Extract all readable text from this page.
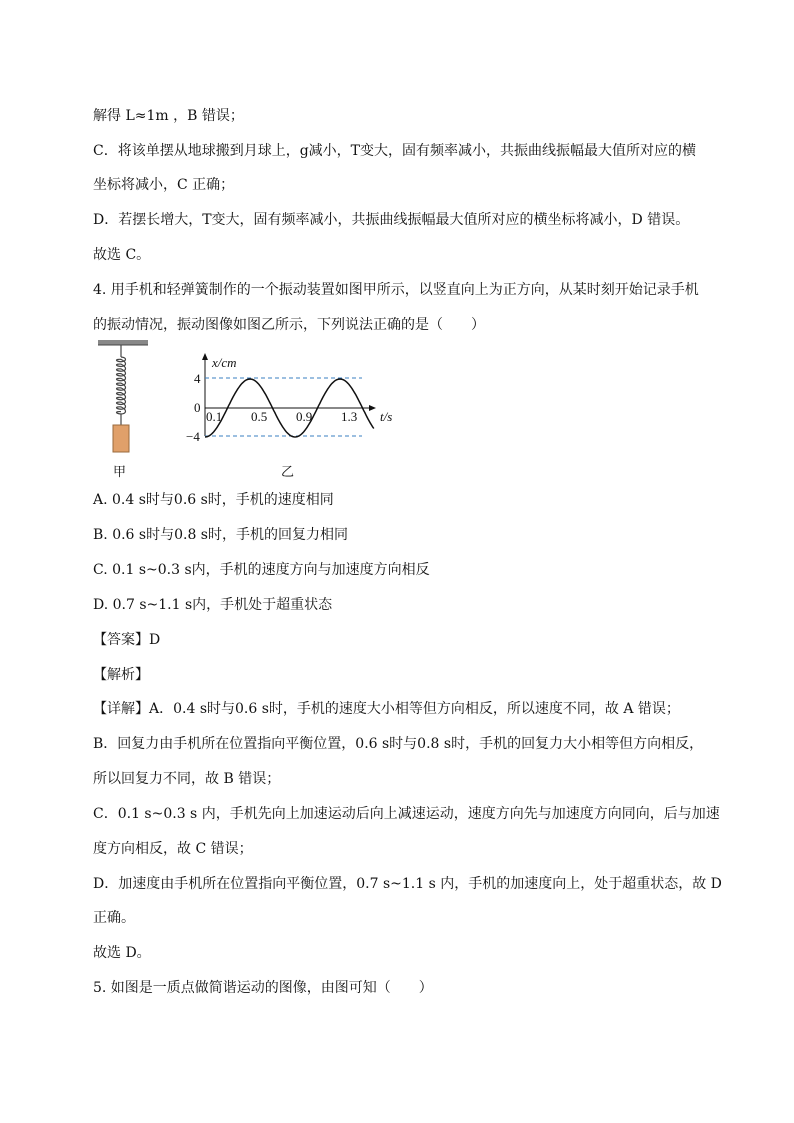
解得 L≈1m ，B 错误；
C．将该单摆从地球搬到月球上，g减小，T变大，固有频率减小，共振曲线振幅最大值所对应的横
坐标将减小，C 正确；
D．若摆长增大，T变大，固有频率减小，共振曲线振幅最大值所对应的横坐标将减小，D 错误。
故选 C。
4. 用手机和轻弹簧制作的一个振动装置如图甲所示，以竖直向上为正方向，从某时刻开始记录手机
的振动情况，振动图像如图乙所示，下列说法正确的是（　　）
甲
x/cm
t/s
4
0
−4
0.1 0.5 0.9 1.3
乙
A. 0.4 s时与0.6 s时，手机的速度相同
B. 0.6 s时与0.8 s时，手机的回复力相同
C. 0.1 s~0.3 s内，手机的速度方向与加速度方向相反
D. 0.7 s~1.1 s内，手机处于超重状态
【答案】D
【解析】
【详解】A．0.4 s时与0.6 s时，手机的速度大小相等但方向相反，所以速度不同，故 A 错误；
B．回复力由手机所在位置指向平衡位置，0.6 s时与0.8 s时，手机的回复力大小相等但方向相反，
所以回复力不同，故 B 错误；
C．0.1 s~0.3 s 内，手机先向上加速运动后向上减速运动，速度方向先与加速度方向同向，后与加速
度方向相反，故 C 错误；
D．加速度由手机所在位置指向平衡位置，0.7 s~1.1 s 内，手机的加速度向上，处于超重状态，故 D
正确。
故选 D。
5. 如图是一质点做简谐运动的图像，由图可知（　　）
